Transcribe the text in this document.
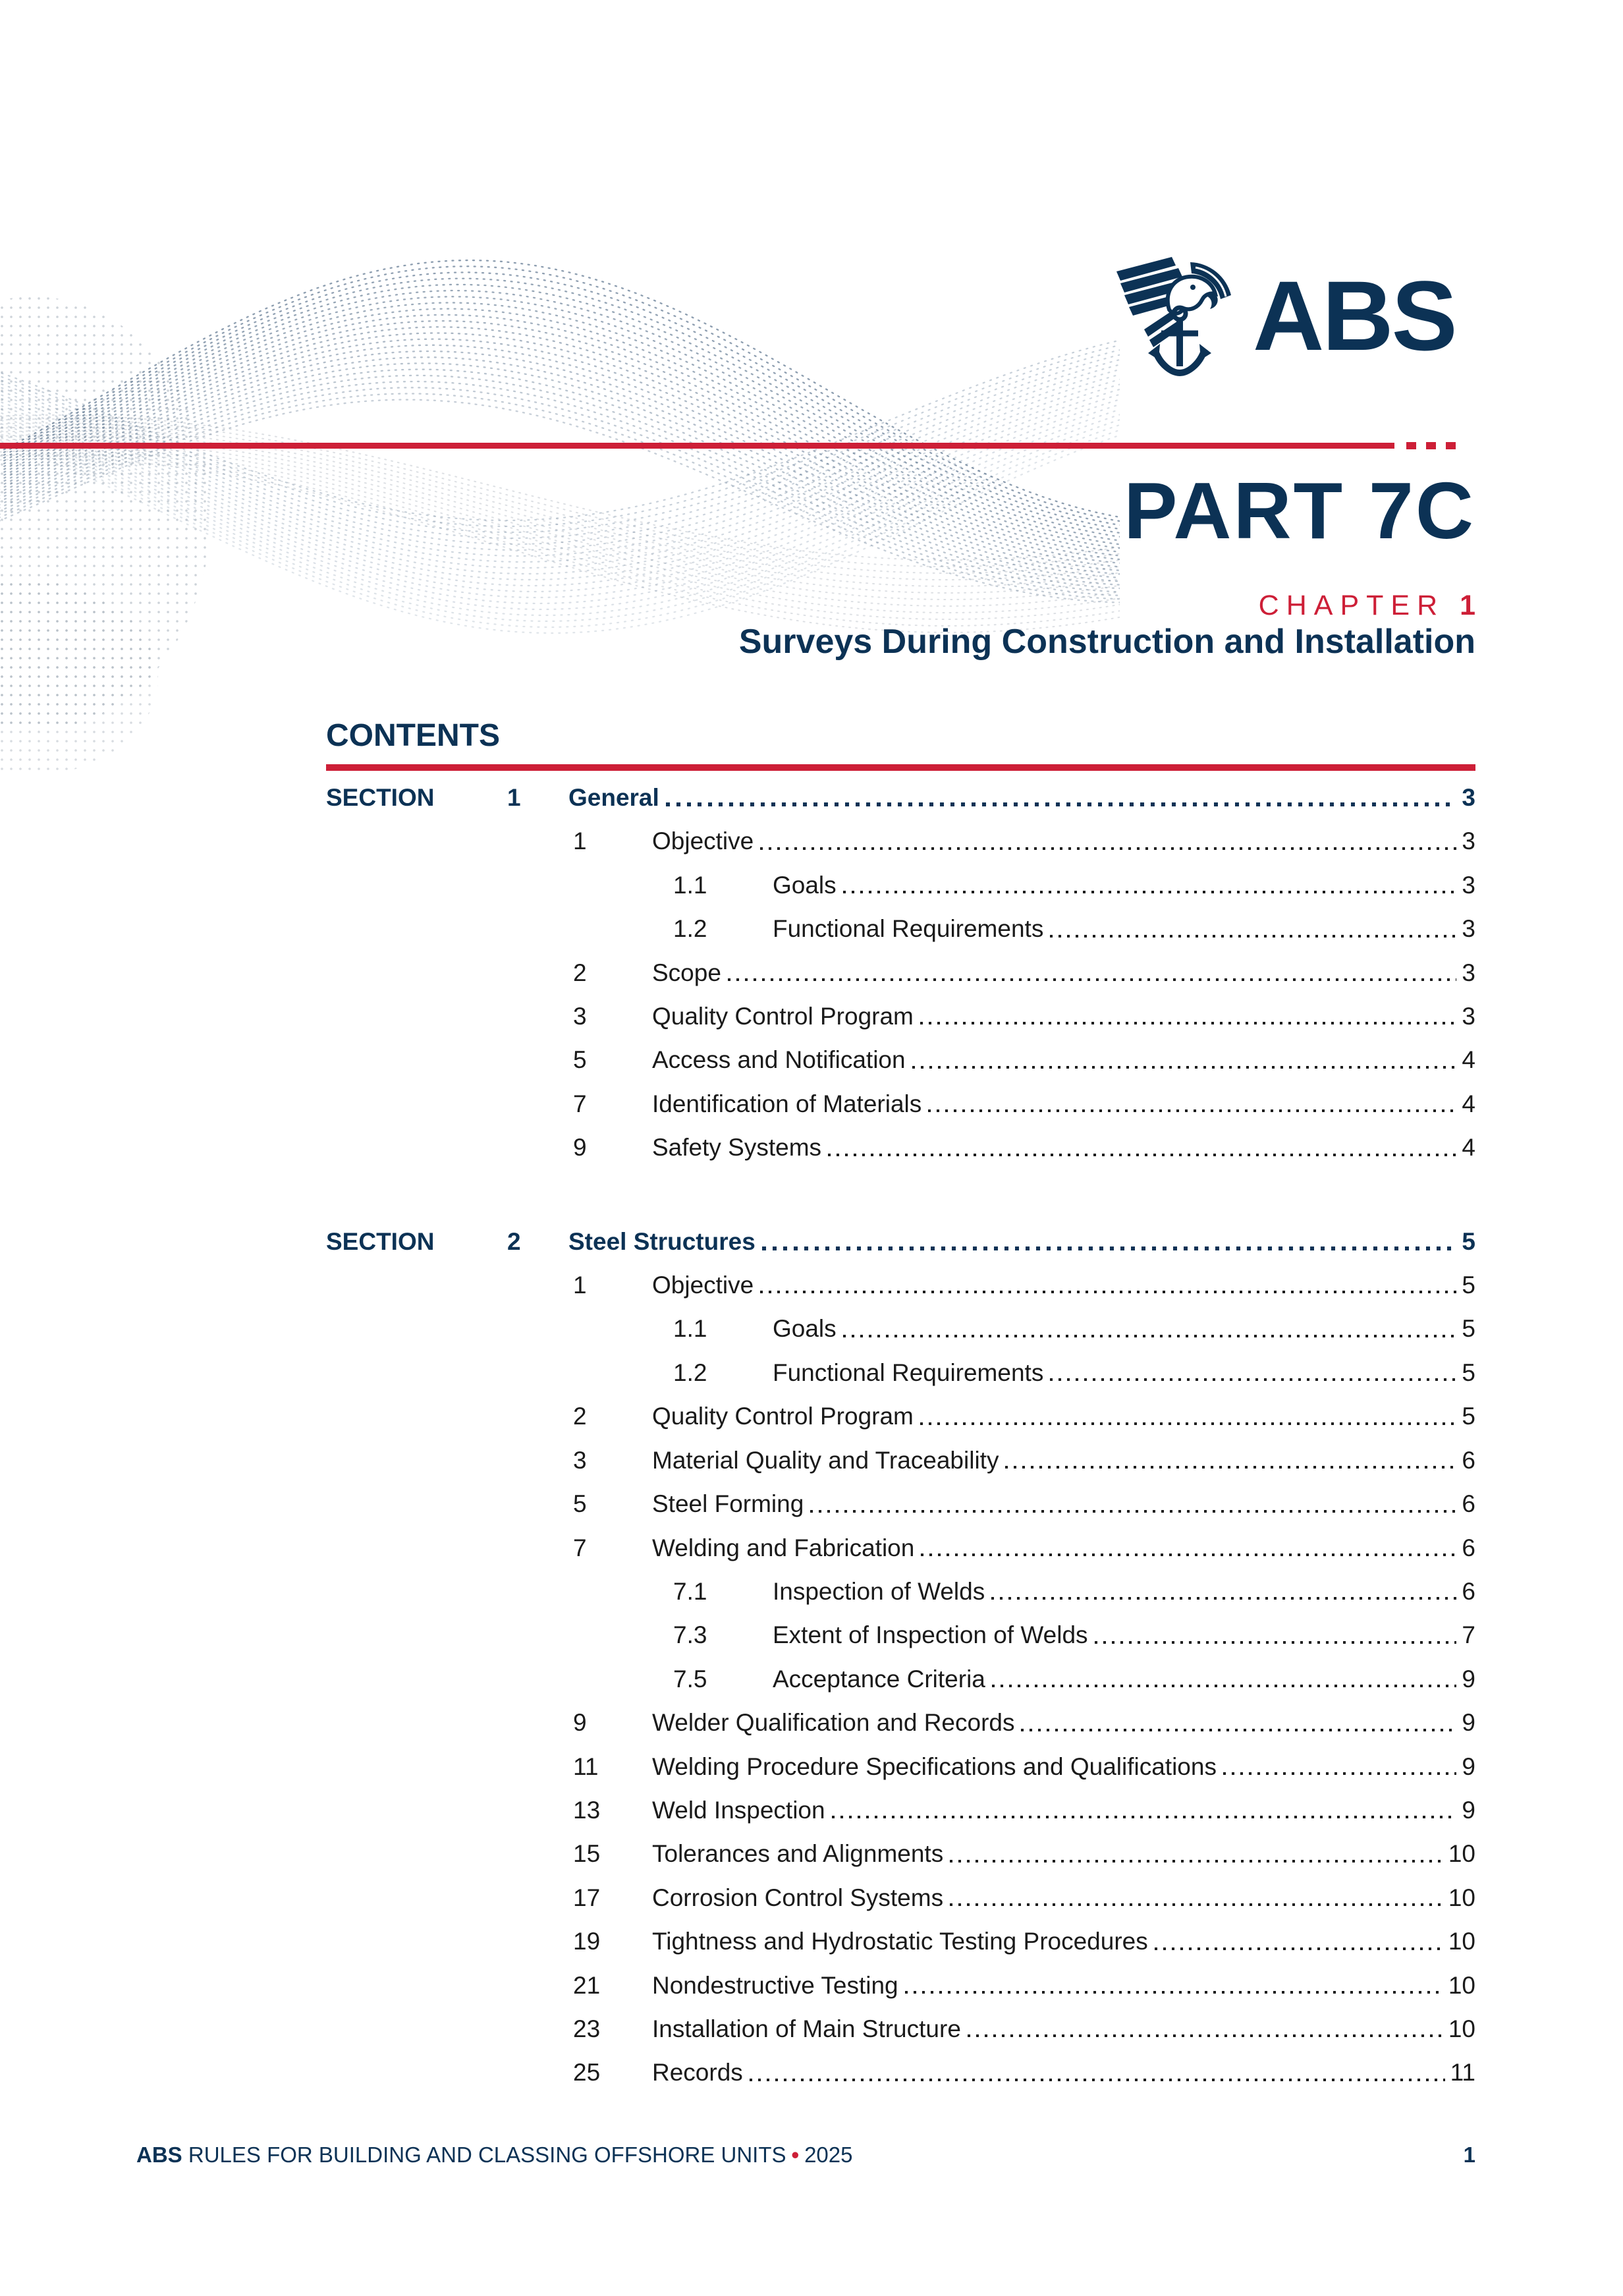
ABS
PART 7C
CHAPTER 1
Surveys During Construction and Installation
CONTENTS
SECTION	1	General	3
1	Objective	3
1.1	Goals	3
1.2	Functional Requirements	3
2	Scope	3
3	Quality Control Program	3
5	Access and Notification	4
7	Identification of Materials	4
9	Safety Systems	4
SECTION	2	Steel Structures	5
1	Objective	5
1.1	Goals	5
1.2	Functional Requirements	5
2	Quality Control Program	5
3	Material Quality and Traceability	6
5	Steel Forming	6
7	Welding and Fabrication	6
7.1	Inspection of Welds	6
7.3	Extent of Inspection of Welds	7
7.5	Acceptance Criteria	9
9	Welder Qualification and Records	9
11	Welding Procedure Specifications and Qualifications	9
13	Weld Inspection	9
15	Tolerances and Alignments	10
17	Corrosion Control Systems	10
19	Tightness and Hydrostatic Testing Procedures	10
21	Nondestructive Testing	10
23	Installation of Main Structure	10
25	Records	11
ABS RULES FOR BUILDING AND CLASSING OFFSHORE UNITS • 2025	1
